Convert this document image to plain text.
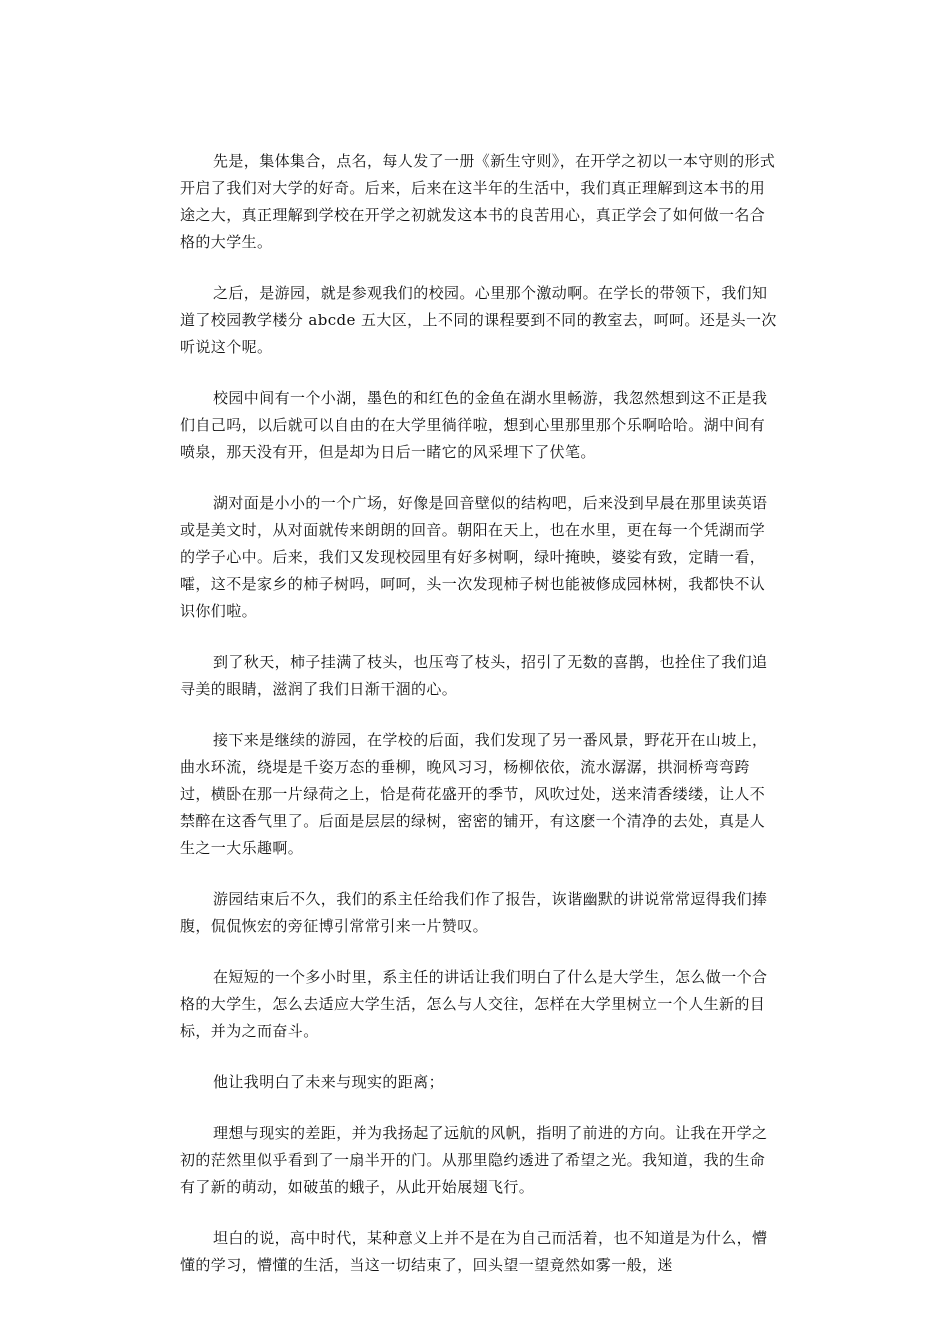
先是，集体集合，点名，每人发了一册《新生守则》，在开学之初以一本守则的形式开启了我们对大学的好奇。后来，后来在这半年的生活中，我们真正理解到这本书的用途之大，真正理解到学校在开学之初就发这本书的良苦用心，真正学会了如何做一名合格的大学生。

之后，是游园，就是参观我们的校园。心里那个激动啊。在学长的带领下，我们知道了校园教学楼分 abcde 五大区，上不同的课程要到不同的教室去，呵呵。还是头一次听说这个呢。

校园中间有一个小湖，墨色的和红色的金鱼在湖水里畅游，我忽然想到这不正是我们自己吗，以后就可以自由的在大学里徜徉啦，想到心里那里那个乐啊哈哈。湖中间有喷泉，那天没有开，但是却为日后一睹它的风采埋下了伏笔。

湖对面是小小的一个广场，好像是回音壁似的结构吧，后来没到早晨在那里读英语或是美文时，从对面就传来朗朗的回音。朝阳在天上，也在水里，更在每一个凭湖而学的学子心中。后来，我们又发现校园里有好多树啊，绿叶掩映，婆娑有致，定睛一看，嚯，这不是家乡的柿子树吗，呵呵，头一次发现柿子树也能被修成园林树，我都快不认识你们啦。

到了秋天，柿子挂满了枝头，也压弯了枝头，招引了无数的喜鹊，也拴住了我们追寻美的眼睛，滋润了我们日渐干涸的心。

接下来是继续的游园，在学校的后面，我们发现了另一番风景，野花开在山坡上，曲水环流，绕堤是千姿万态的垂柳，晚风习习，杨柳依依，流水潺潺，拱洞桥弯弯跨过，横卧在那一片绿荷之上，恰是荷花盛开的季节，风吹过处，送来清香缕缕，让人不禁醉在这香气里了。后面是层层的绿树，密密的铺开，有这麽一个清净的去处，真是人生之一大乐趣啊。

游园结束后不久，我们的系主任给我们作了报告，诙谐幽默的讲说常常逗得我们捧腹，侃侃恢宏的旁征博引常常引来一片赞叹。

在短短的一个多小时里，系主任的讲话让我们明白了什么是大学生，怎么做一个合格的大学生，怎么去适应大学生活，怎么与人交往，怎样在大学里树立一个人生新的目标，并为之而奋斗。

他让我明白了未来与现实的距离；

理想与现实的差距，并为我扬起了远航的风帆，指明了前进的方向。让我在开学之初的茫然里似乎看到了一扇半开的门。从那里隐约透进了希望之光。我知道，我的生命有了新的萌动，如破茧的蛾子，从此开始展翅飞行。

坦白的说，高中时代，某种意义上并不是在为自己而活着，也不知道是为什么，懵懂的学习，懵懂的生活，当这一切结束了，回头望一望竟然如雾一般，迷
